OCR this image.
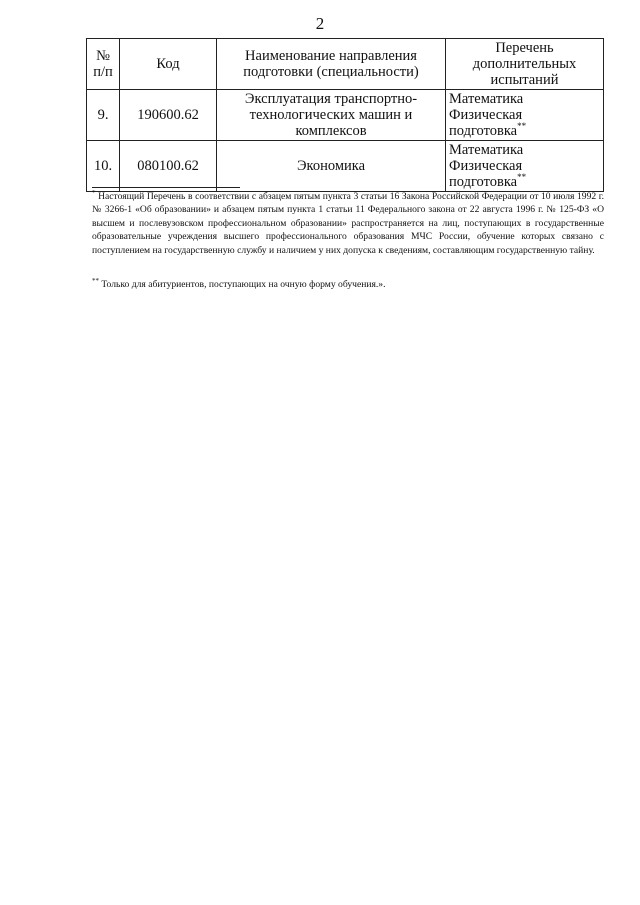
2
№ п/п	Код	Наименование направления подготовки (специальности)	Перечень дополнительных испытаний
9.	190600.62	Эксплуатация транспортно-технологических машин и комплексов	Математика
Физическая подготовка**

10.	080100.62	Экономика	Математика
Физическая подготовка**
* Настоящий Перечень в соответствии с абзацем пятым пункта 3 статьи 16 Закона Российской Федерации от 10 июля 1992 г. № 3266-1 «Об образовании» и абзацем пятым пункта 1 статьи 11 Федерального закона от 22 августа 1996 г. № 125-ФЗ «О высшем и послевузовском профессиональном образовании» распространяется на лиц, поступающих в государственные образовательные учреждения высшего профессионального образования МЧС России, обучение которых связано с поступлением на государственную службу и наличием у них допуска к сведениям, составляющим государственную тайну.
** Только для абитуриентов, поступающих на очную форму обучения.».
